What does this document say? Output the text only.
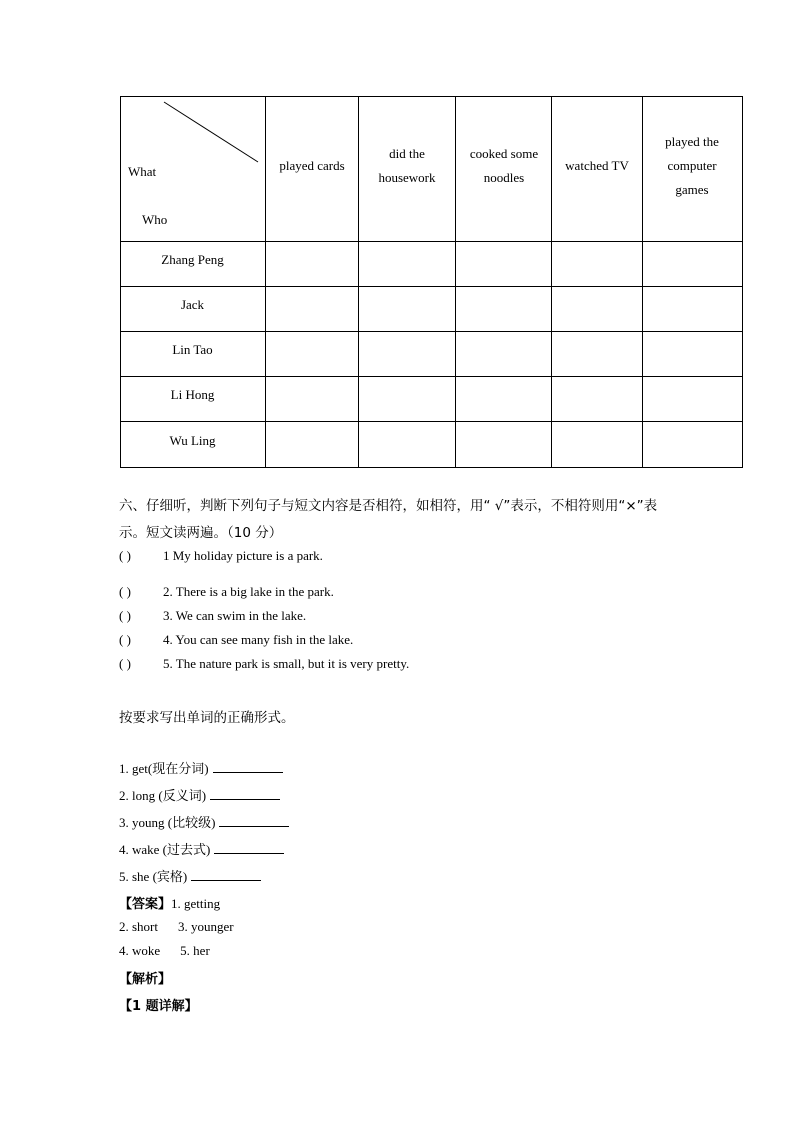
What
Who
played cards
did the housework
cooked some noodles
watched TV
played the computer games
Zhang Peng
Jack
Lin Tao
Li Hong
Wu Ling
六、仔细听，判断下列句子与短文内容是否相符，如相符，用“ √”表示，不相符则用“×”表
示。短文读两遍。（10 分）
( ) 1 My holiday picture is a park.
( ) 2. There is a big lake in the park.
( ) 3. We can swim in the lake.
( ) 4. You can see many fish in the lake.
( ) 5. The nature park is small, but it is very pretty.
按要求写出单词的正确形式。
1. get(现在分词)
2. long (反义词)
3. young (比较级)
4. wake (过去式)
5. she (宾格)
【答案】1. getting
2. short 3. younger
4. woke 5. her
【解析】
【1 题详解】
